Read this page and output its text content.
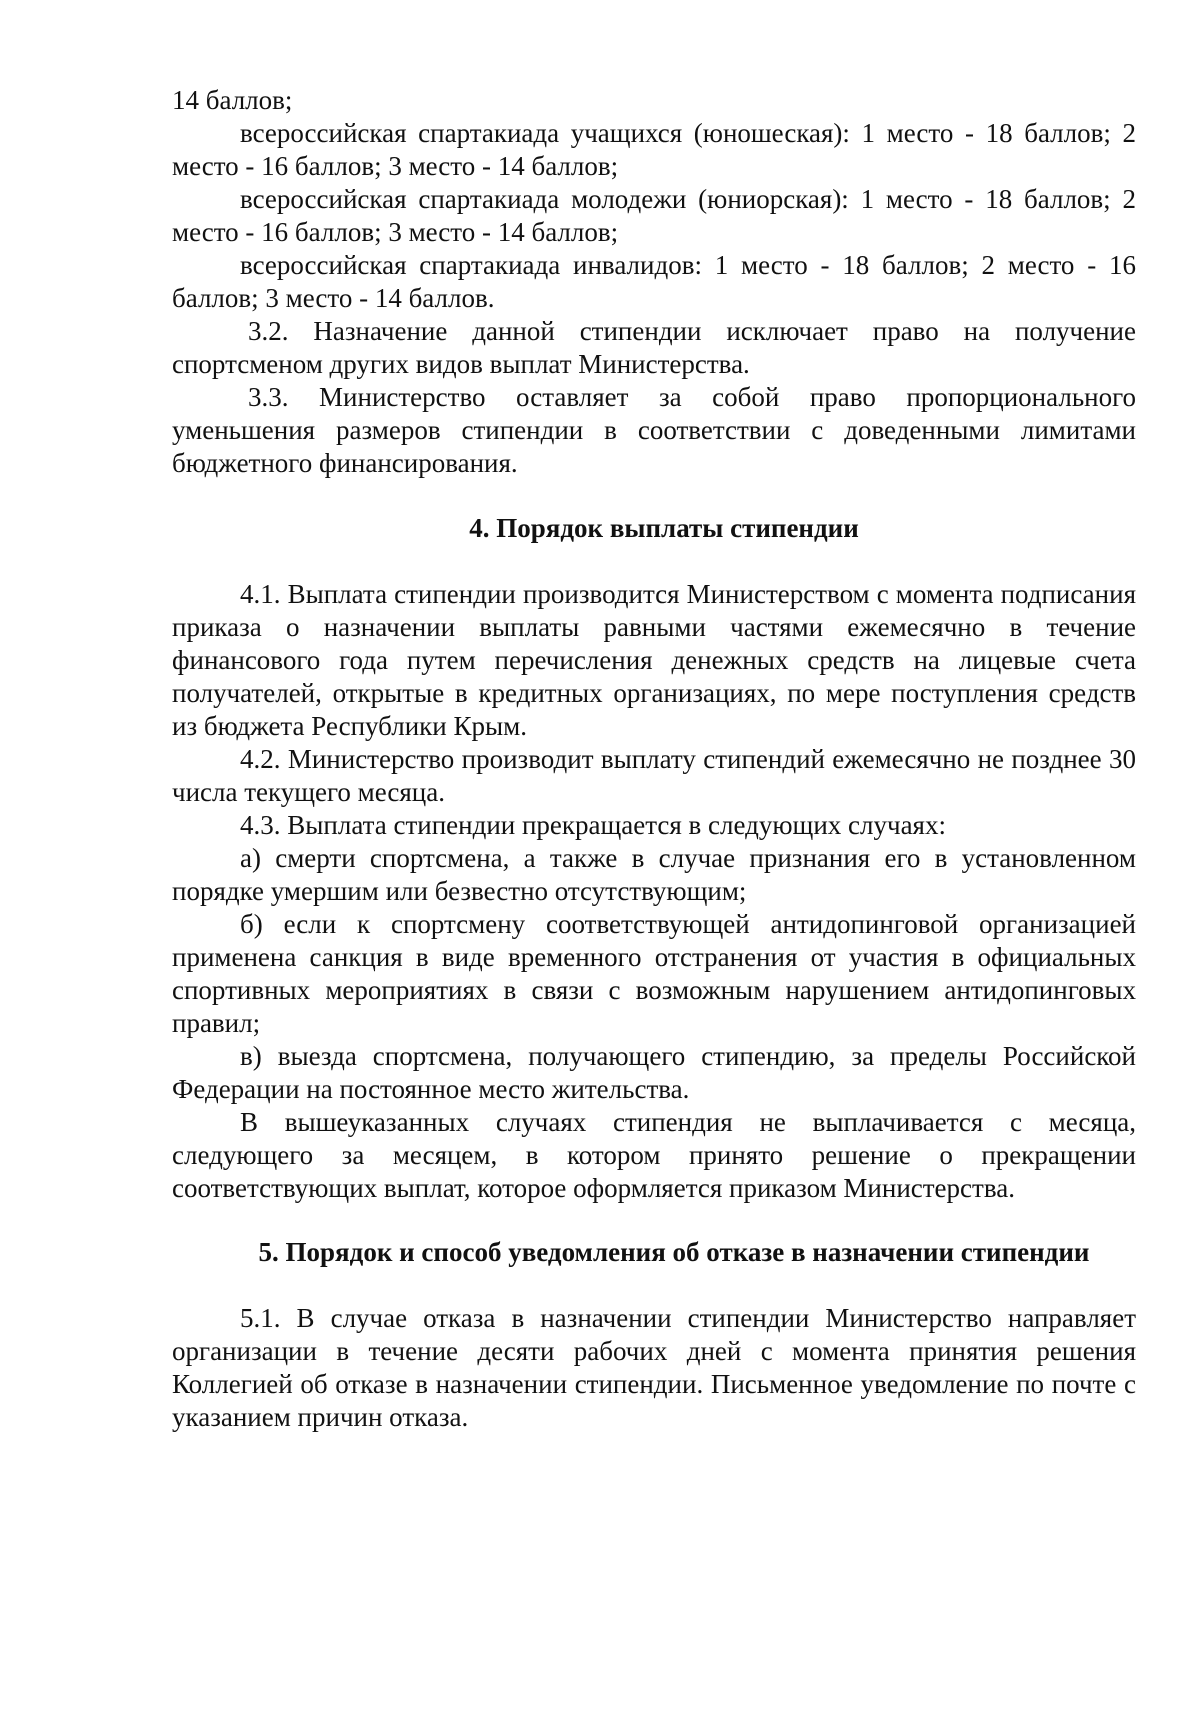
14 баллов;

всероссийская спартакиада учащихся (юношеская): 1 место - 18 баллов; 2 место - 16 баллов; 3 место - 14 баллов;

всероссийская спартакиада молодежи (юниорская): 1 место - 18 баллов; 2 место - 16 баллов; 3 место - 14 баллов;

всероссийская спартакиада инвалидов: 1 место - 18 баллов; 2 место - 16 баллов; 3 место - 14 баллов.

3.2. Назначение данной стипендии исключает право на получение спортсменом других видов выплат Министерства.

3.3. Министерство оставляет за собой право пропорционального уменьшения размеров стипендии в соответствии с доведенными лимитами бюджетного финансирования.

4. Порядок выплаты стипендии

4.1. Выплата стипендии производится Министерством с момента подписания приказа о назначении выплаты равными частями ежемесячно в течение финансового года путем перечисления денежных средств на лицевые счета получателей, открытые в кредитных организациях, по мере поступления средств из бюджета Республики Крым.

4.2. Министерство производит выплату стипендий ежемесячно не позднее 30 числа текущего месяца.

4.3. Выплата стипендии прекращается в следующих случаях:

а) смерти спортсмена, а также в случае признания его в установленном порядке умершим или безвестно отсутствующим;

б) если к спортсмену соответствующей антидопинговой организацией применена санкция в виде временного отстранения от участия в официальных спортивных мероприятиях в связи с возможным нарушением антидопинговых правил;

в) выезда спортсмена, получающего стипендию, за пределы Российской Федерации на постоянное место жительства.

В вышеуказанных случаях стипендия не выплачивается с месяца, следующего за месяцем, в котором принято решение о прекращении соответствующих выплат, которое оформляется приказом Министерства.

5. Порядок и способ уведомления об отказе в назначении стипендии

5.1. В случае отказа в назначении стипендии Министерство направляет организации в течение десяти рабочих дней с момента принятия решения Коллегией об отказе в назначении стипендии. Письменное уведомление по почте с указанием причин отказа.
